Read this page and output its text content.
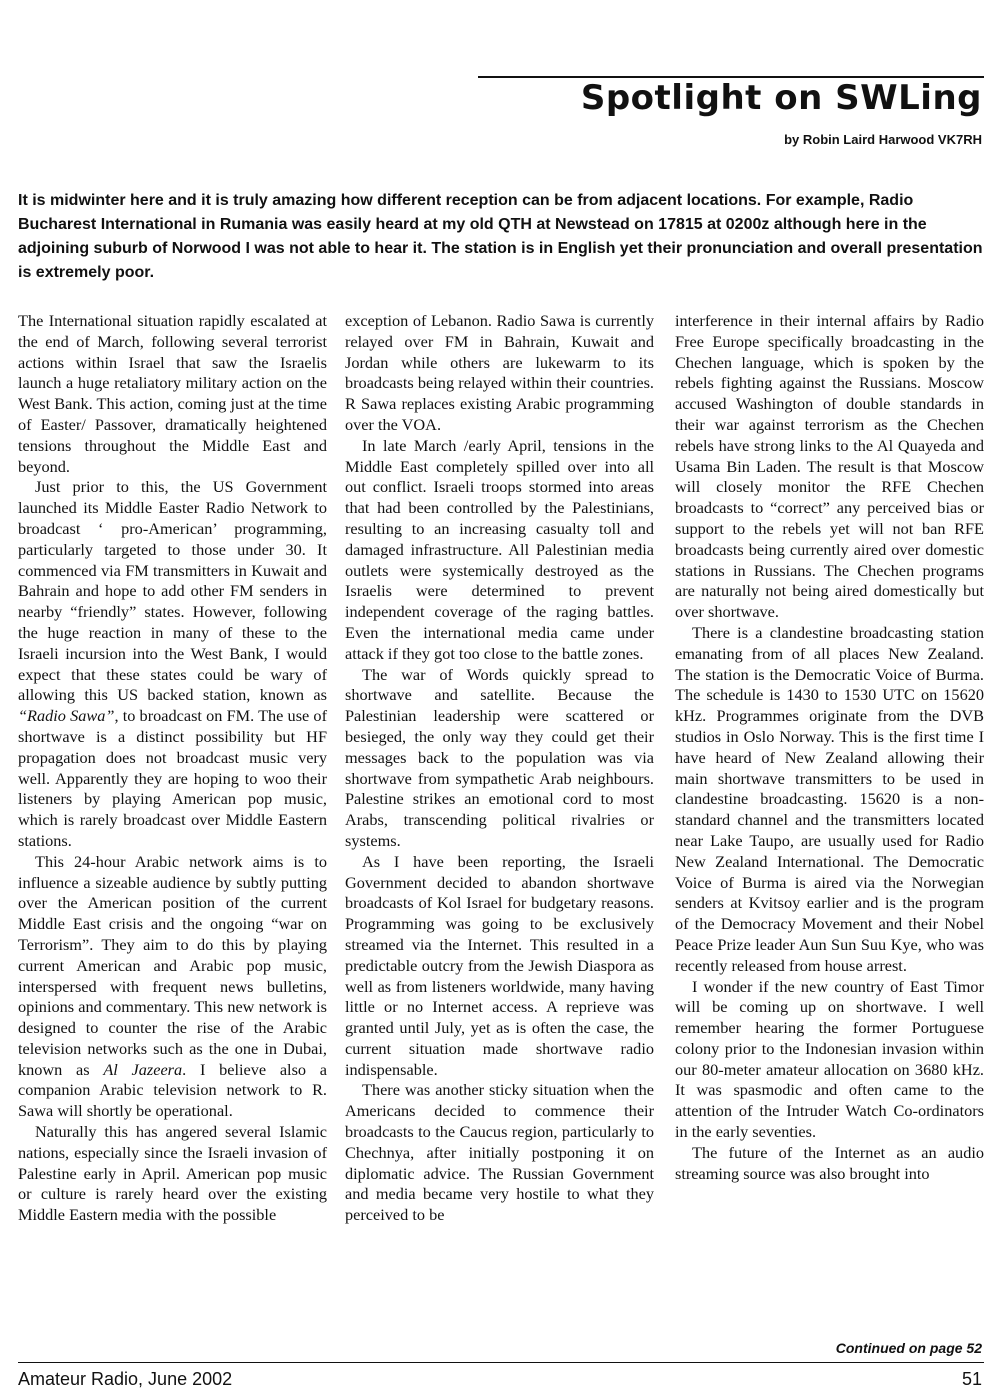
Spotlight on SWLing
by Robin Laird Harwood VK7RH

It is midwinter here and it is truly amazing how different reception can be from adjacent locations. For example, Radio Bucharest International in Rumania was easily heard at my old QTH at Newstead on 17815 at 0200z although here in the adjoining suburb of Norwood I was not able to hear it. The station is in English yet their pronunciation and overall presentation is extremely poor.

The International situation rapidly escalated at the end of March, following several terrorist actions within Israel that saw the Israelis launch a huge retaliatory military action on the West Bank. This action, coming just at the time of Easter/ Passover, dramatically heightened tensions throughout the Middle East and beyond.

Just prior to this, the US Government launched its Middle Easter Radio Network to broadcast ‘ pro-American’ programming, particularly targeted to those under 30. It commenced via FM transmitters in Kuwait and Bahrain and hope to add other FM senders in nearby “friendly” states. However, following the huge reaction in many of these to the Israeli incursion into the West Bank, I would expect that these states could be wary of allowing this US backed station, known as “Radio Sawa”, to broadcast on FM. The use of shortwave is a distinct possibility but HF propagation does not broadcast music very well. Apparently they are hoping to woo their listeners by playing American pop music, which is rarely broadcast over Middle Eastern stations.

This 24-hour Arabic network aims is to influence a sizeable audience by subtly putting over the American position of the current Middle East crisis and the ongoing “war on Terrorism”. They aim to do this by playing current American and Arabic pop music, interspersed with frequent news bulletins, opinions and commentary. This new network is designed to counter the rise of the Arabic television networks such as the one in Dubai, known as Al Jazeera. I believe also a companion Arabic television network to R. Sawa will shortly be operational.

Naturally this has angered several Islamic nations, especially since the Israeli invasion of Palestine early in April. American pop music or culture is rarely heard over the existing Middle Eastern media with the possible

exception of Lebanon. Radio Sawa is currently relayed over FM in Bahrain, Kuwait and Jordan while others are lukewarm to its broadcasts being relayed within their countries. R Sawa replaces existing Arabic programming over the VOA.

In late March /early April, tensions in the Middle East completely spilled over into all out conflict. Israeli troops stormed into areas that had been controlled by the Palestinians, resulting to an increasing casualty toll and damaged infrastructure. All Palestinian media outlets were systemically destroyed as the Israelis were determined to prevent independent coverage of the raging battles. Even the international media came under attack if they got too close to the battle zones.

The war of Words quickly spread to shortwave and satellite. Because the Palestinian leadership were scattered or besieged, the only way they could get their messages back to the population was via shortwave from sympathetic Arab neighbours. Palestine strikes an emotional cord to most Arabs, transcending political rivalries or systems.

As I have been reporting, the Israeli Government decided to abandon shortwave broadcasts of Kol Israel for budgetary reasons. Programming was going to be exclusively streamed via the Internet. This resulted in a predictable outcry from the Jewish Diaspora as well as from listeners worldwide, many having little or no Internet access. A reprieve was granted until July, yet as is often the case, the current situation made shortwave radio indispensable.

There was another sticky situation when the Americans decided to commence their broadcasts to the Caucus region, particularly to Chechnya, after initially postponing it on diplomatic advice. The Russian Government and media became very hostile to what they perceived to be

interference in their internal affairs by Radio Free Europe specifically broadcasting in the Chechen language, which is spoken by the rebels fighting against the Russians. Moscow accused Washington of double standards in their war against terrorism as the Chechen rebels have strong links to the Al Quayeda and Usama Bin Laden. The result is that Moscow will closely monitor the RFE Chechen broadcasts to “correct” any perceived bias or support to the rebels yet will not ban RFE broadcasts being currently aired over domestic stations in Russians. The Chechen programs are naturally not being aired domestically but over shortwave.

There is a clandestine broadcasting station emanating from of all places New Zealand. The station is the Democratic Voice of Burma. The schedule is 1430 to 1530 UTC on 15620 kHz. Programmes originate from the DVB studios in Oslo Norway. This is the first time I have heard of New Zealand allowing their main shortwave transmitters to be used in clandestine broadcasting. 15620 is a non-standard channel and the transmitters located near Lake Taupo, are usually used for Radio New Zealand International. The Democratic Voice of Burma is aired via the Norwegian senders at Kvitsoy earlier and is the program of the Democracy Movement and their Nobel Peace Prize leader Aun Sun Suu Kye, who was recently released from house arrest.

I wonder if the new country of East Timor will be coming up on shortwave. I well remember hearing the former Portuguese colony prior to the Indonesian invasion within our 80-meter amateur allocation on 3680 kHz. It was spasmodic and often came to the attention of the Intruder Watch Co-ordinators in the early seventies.

The future of the Internet as an audio streaming source was also brought into

Continued on page 52
Amateur Radio, June 2002	51
